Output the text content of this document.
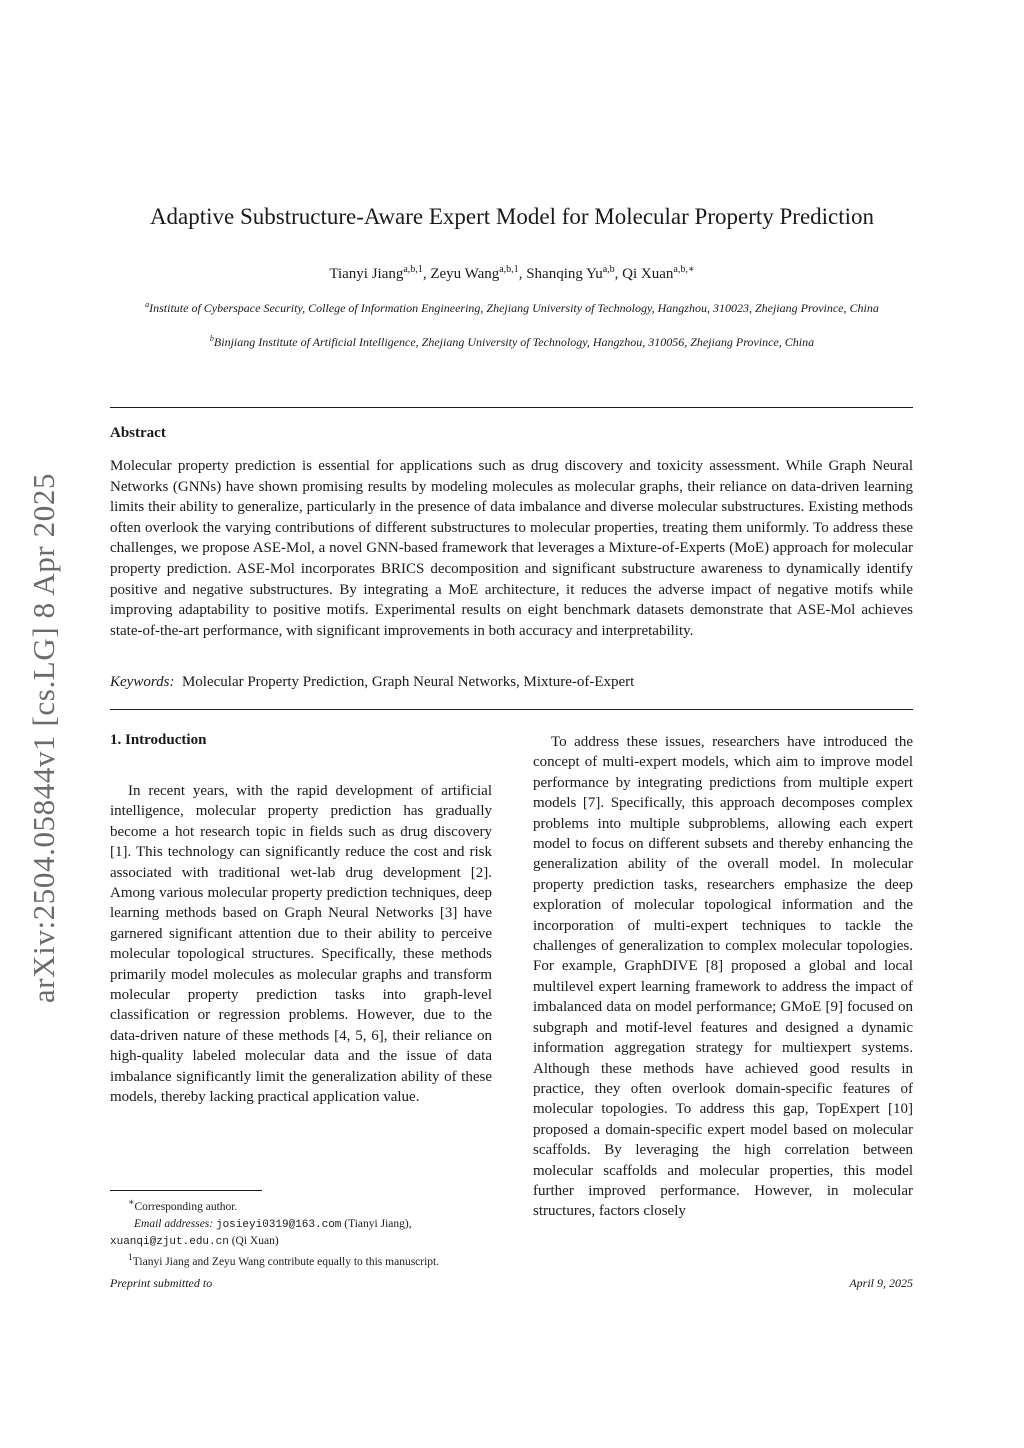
arXiv:2504.05844v1 [cs.LG] 8 Apr 2025
Adaptive Substructure-Aware Expert Model for Molecular Property Prediction
Tianyi Jiang$^{a,b,1}$, Zeyu Wang$^{a,b,1}$, Shanqing Yu$^{a,b}$, Qi Xuan$^{a,b,∗}$
$^a$Institute of Cyberspace Security, College of Information Engineering, Zhejiang University of Technology, Hangzhou, 310023, Zhejiang Province, China
$^b$Binjiang Institute of Artificial Intelligence, Zhejiang University of Technology, Hangzhou, 310056, Zhejiang Province, China
Abstract
Molecular property prediction is essential for applications such as drug discovery and toxicity assessment. While Graph Neural Networks (GNNs) have shown promising results by modeling molecules as molecular graphs, their reliance on data-driven learning limits their ability to generalize, particularly in the presence of data imbalance and diverse molecular substructures. Existing methods often overlook the varying contributions of different substructures to molecular properties, treating them uniformly. To address these challenges, we propose ASE-Mol, a novel GNN-based framework that leverages a Mixture-of-Experts (MoE) approach for molecular property prediction. ASE-Mol incorporates BRICS decomposition and significant substructure awareness to dynamically identify positive and negative substructures. By integrating a MoE architecture, it reduces the adverse impact of negative motifs while improving adaptability to positive motifs. Experimental results on eight benchmark datasets demonstrate that ASE-Mol achieves state-of-the-art performance, with significant improvements in both accuracy and interpretability.
Keywords: Molecular Property Prediction, Graph Neural Networks, Mixture-of-Expert
1. Introduction

In recent years, with the rapid development of artificial intelligence, molecular property prediction has gradually become a hot research topic in fields such as drug discovery [1]. This technology can significantly reduce the cost and risk associated with traditional wet-lab drug development [2]. Among various molecular property prediction techniques, deep learning methods based on Graph Neural Networks [3] have garnered significant attention due to their ability to perceive molecular topological structures. Specifically, these methods primarily model molecules as molecular graphs and transform molecular property prediction tasks into graph-level classification or regression problems. However, due to the data-driven nature of these methods [4, 5, 6], their reliance on high-quality labeled molecular data and the issue of data imbalance significantly limit the generalization ability of these models, thereby lacking practical application value.

To address these issues, researchers have introduced the concept of multi-expert models, which aim to improve model performance by integrating predictions from multiple expert models [7]. Specifically, this approach decomposes complex problems into multiple subproblems, allowing each expert model to focus on different subsets and thereby enhancing the generalization ability of the overall model. In molecular property prediction tasks, researchers emphasize the deep exploration of molecular topological information and the incorporation of multi-expert techniques to tackle the challenges of generalization to complex molecular topologies. For example, GraphDIVE [8] proposed a global and local multilevel expert learning framework to address the impact of imbalanced data on model performance; GMoE [9] focused on subgraph and motif-level features and designed a dynamic information aggregation strategy for multiexpert systems. Although these methods have achieved good results in practice, they often overlook domain-specific features of molecular topologies. To address this gap, TopExpert [10] proposed a domain-specific expert model based on molecular scaffolds. By leveraging the high correlation between molecular scaffolds and molecular properties, this model further improved performance. However, in molecular structures, factors closely

∗Corresponding author.
Email addresses: josieyi0319@163.com (Tianyi Jiang),
xuanqi@zjut.edu.cn (Qi Xuan)
$^1$Tianyi Jiang and Zeyu Wang contribute equally to this manuscript.
Preprint submitted to	April 9, 2025
